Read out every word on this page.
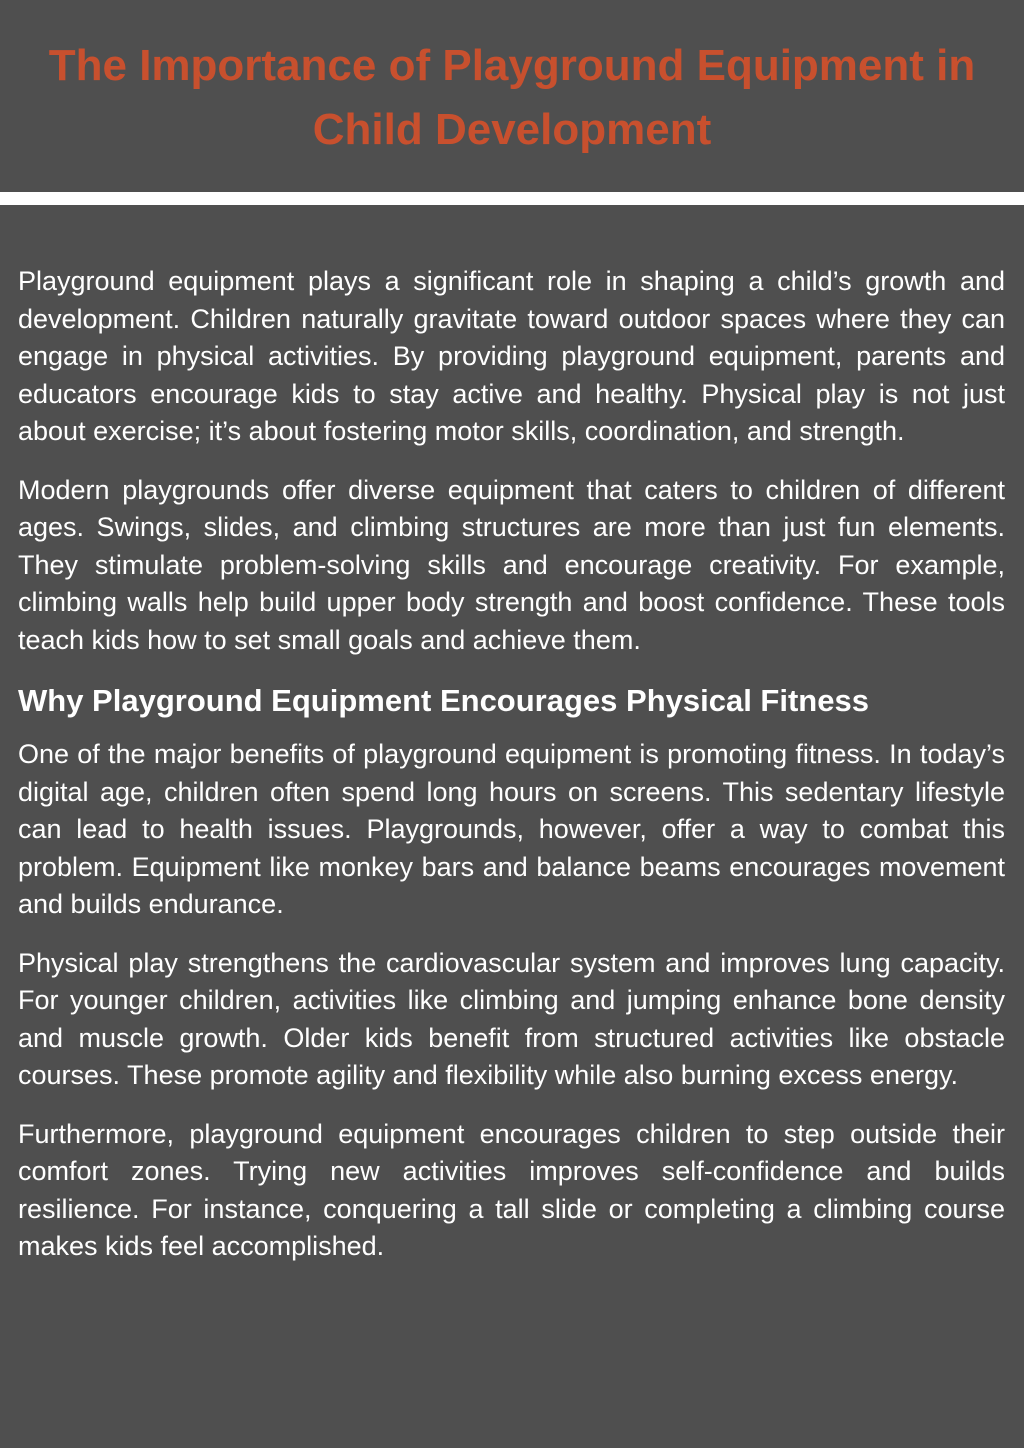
The Importance of Playground Equipment in Child Development

Playground equipment plays a significant role in shaping a child’s growth and development. Children naturally gravitate toward outdoor spaces where they can engage in physical activities. By providing playground equipment, parents and educators encourage kids to stay active and healthy. Physical play is not just about exercise; it’s about fostering motor skills, coordination, and strength.

Modern playgrounds offer diverse equipment that caters to children of different ages. Swings, slides, and climbing structures are more than just fun elements. They stimulate problem-solving skills and encourage creativity. For example, climbing walls help build upper body strength and boost confidence. These tools teach kids how to set small goals and achieve them.

Why Playground Equipment Encourages Physical Fitness

One of the major benefits of playground equipment is promoting fitness. In today’s digital age, children often spend long hours on screens. This sedentary lifestyle can lead to health issues. Playgrounds, however, offer a way to combat this problem. Equipment like monkey bars and balance beams encourages movement and builds endurance.

Physical play strengthens the cardiovascular system and improves lung capacity. For younger children, activities like climbing and jumping enhance bone density and muscle growth. Older kids benefit from structured activities like obstacle courses. These promote agility and flexibility while also burning excess energy.

Furthermore, playground equipment encourages children to step outside their comfort zones. Trying new activities improves self-confidence and builds resilience. For instance, conquering a tall slide or completing a climbing course makes kids feel accomplished.
